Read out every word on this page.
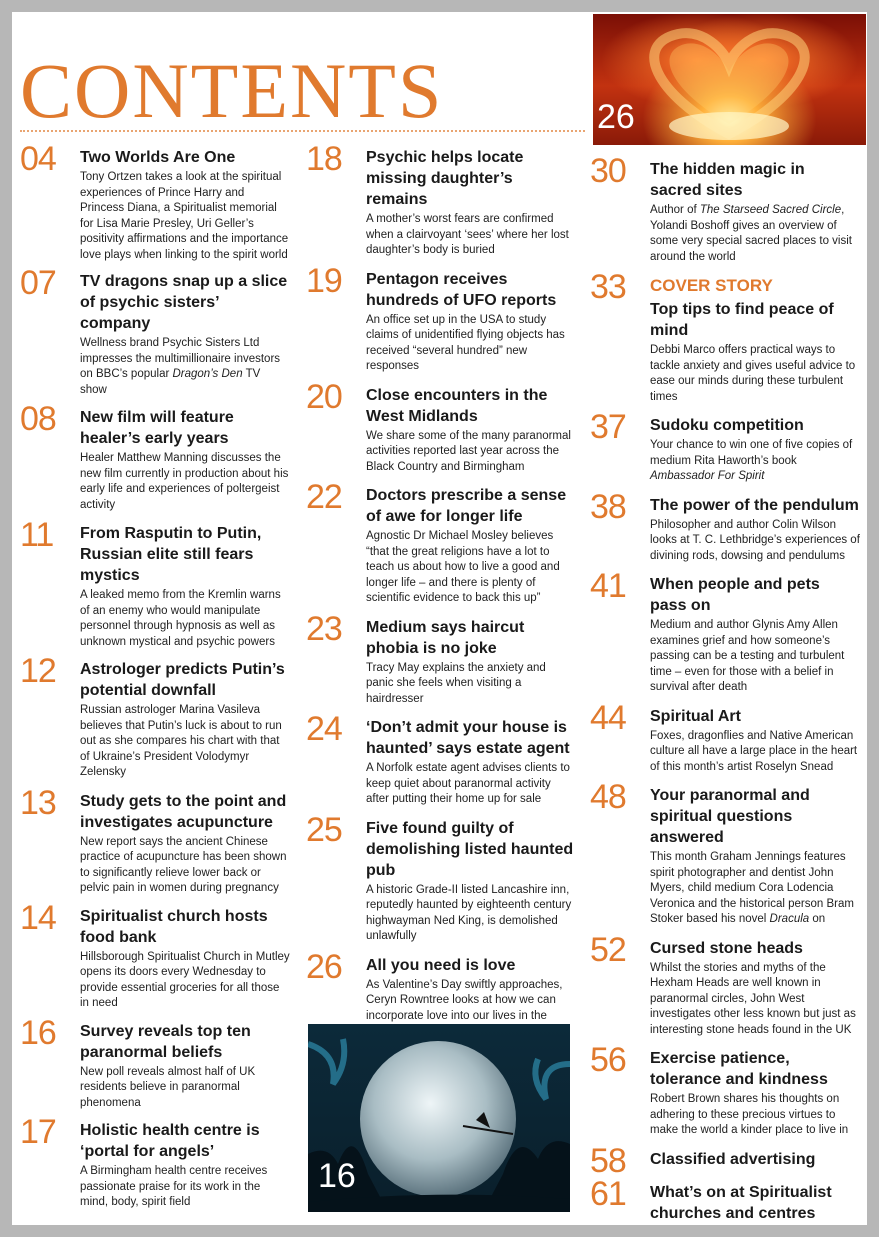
CONTENTS
04 Two Worlds Are One
Tony Ortzen takes a look at the spiritual experiences of Prince Harry and Princess Diana, a Spiritualist memorial for Lisa Marie Presley, Uri Geller’s positivity affirmations and the importance love plays when linking to the spirit world
07 TV dragons snap up a slice of psychic sisters’ company
Wellness brand Psychic Sisters Ltd impresses the multimillionaire investors on BBC’s popular Dragon’s Den TV show
08 New film will feature healer’s early years
Healer Matthew Manning discusses the new film currently in production about his early life and experiences of poltergeist activity
11 From Rasputin to Putin, Russian elite still fears mystics
A leaked memo from the Kremlin warns of an enemy who would manipulate personnel through hypnosis as well as unknown mystical and psychic powers
12 Astrologer predicts Putin’s potential downfall
Russian astrologer Marina Vasileva believes that Putin’s luck is about to run out as she compares his chart with that of Ukraine’s President Volodymyr Zelensky
13 Study gets to the point and investigates acupuncture
New report says the ancient Chinese practice of acupuncture has been shown to significantly relieve lower back or pelvic pain in women during pregnancy
14 Spiritualist church hosts food bank
Hillsborough Spiritualist Church in Mutley opens its doors every Wednesday to provide essential groceries for all those in need
16 Survey reveals top ten paranormal beliefs
New poll reveals almost half of UK residents believe in paranormal phenomena
17 Holistic health centre is ‘portal for angels’
A Birmingham health centre receives passionate praise for its work in the mind, body, spirit field
18 Psychic helps locate missing daughter’s remains
A mother’s worst fears are confirmed when a clairvoyant ‘sees’ where her lost daughter’s body is buried
19 Pentagon receives hundreds of UFO reports
An office set up in the USA to study claims of unidentified flying objects has received “several hundred” new responses
20 Close encounters in the West Midlands
We share some of the many paranormal activities reported last year across the Black Country and Birmingham
22 Doctors prescribe a sense of awe for longer life
Agnostic Dr Michael Mosley believes “that the great religions have a lot to teach us about how to live a good and longer life – and there is plenty of scientific evidence to back this up”
23 Medium says haircut phobia is no joke
Tracy May explains the anxiety and panic she feels when visiting a hairdresser
24 ‘Don’t admit your house is haunted’ says estate agent
A Norfolk estate agent advises clients to keep quiet about paranormal activity after putting their home up for sale
25 Five found guilty of demolishing listed haunted pub
A historic Grade-II listed Lancashire inn, reputedly haunted by eighteenth century highwayman Ned King, is demolished unlawfully
26 All you need is love
As Valentine’s Day swiftly approaches, Ceryn Rowntree looks at how we can incorporate love into our lives in the
30 The hidden magic in sacred sites
Author of The Starseed Sacred Circle, Yolandi Boshoff gives an overview of some very special sacred places to visit around the world
33 COVER STORY
Top tips to find peace of mind
Debbi Marco offers practical ways to tackle anxiety and gives useful advice to ease our minds during these turbulent times
37 Sudoku competition
Your chance to win one of five copies of medium Rita Haworth’s book Ambassador For Spirit
38 The power of the pendulum
Philosopher and author Colin Wilson looks at T. C. Lethbridge’s experiences of divining rods, dowsing and pendulums
41 When people and pets pass on
Medium and author Glynis Amy Allen examines grief and how someone’s passing can be a testing and turbulent time – even for those with a belief in survival after death
44 Spiritual Art
Foxes, dragonflies and Native American culture all have a large place in the heart of this month’s artist Roselyn Snead
48 Your paranormal and spiritual questions answered
This month Graham Jennings features spirit photographer and dentist John Myers, child medium Cora Lodencia Veronica and the historical person Bram Stoker based his novel Dracula on
52 Cursed stone heads
Whilst the stories and myths of the Hexham Heads are well known in paranormal circles, John West investigates other less known but just as interesting stone heads found in the UK
56 Exercise patience, tolerance and kindness
Robert Brown shares his thoughts on adhering to these precious virtues to make the world a kinder place to live in
58 Classified advertising
61 What’s on at Spiritualist churches and centres
26
16
